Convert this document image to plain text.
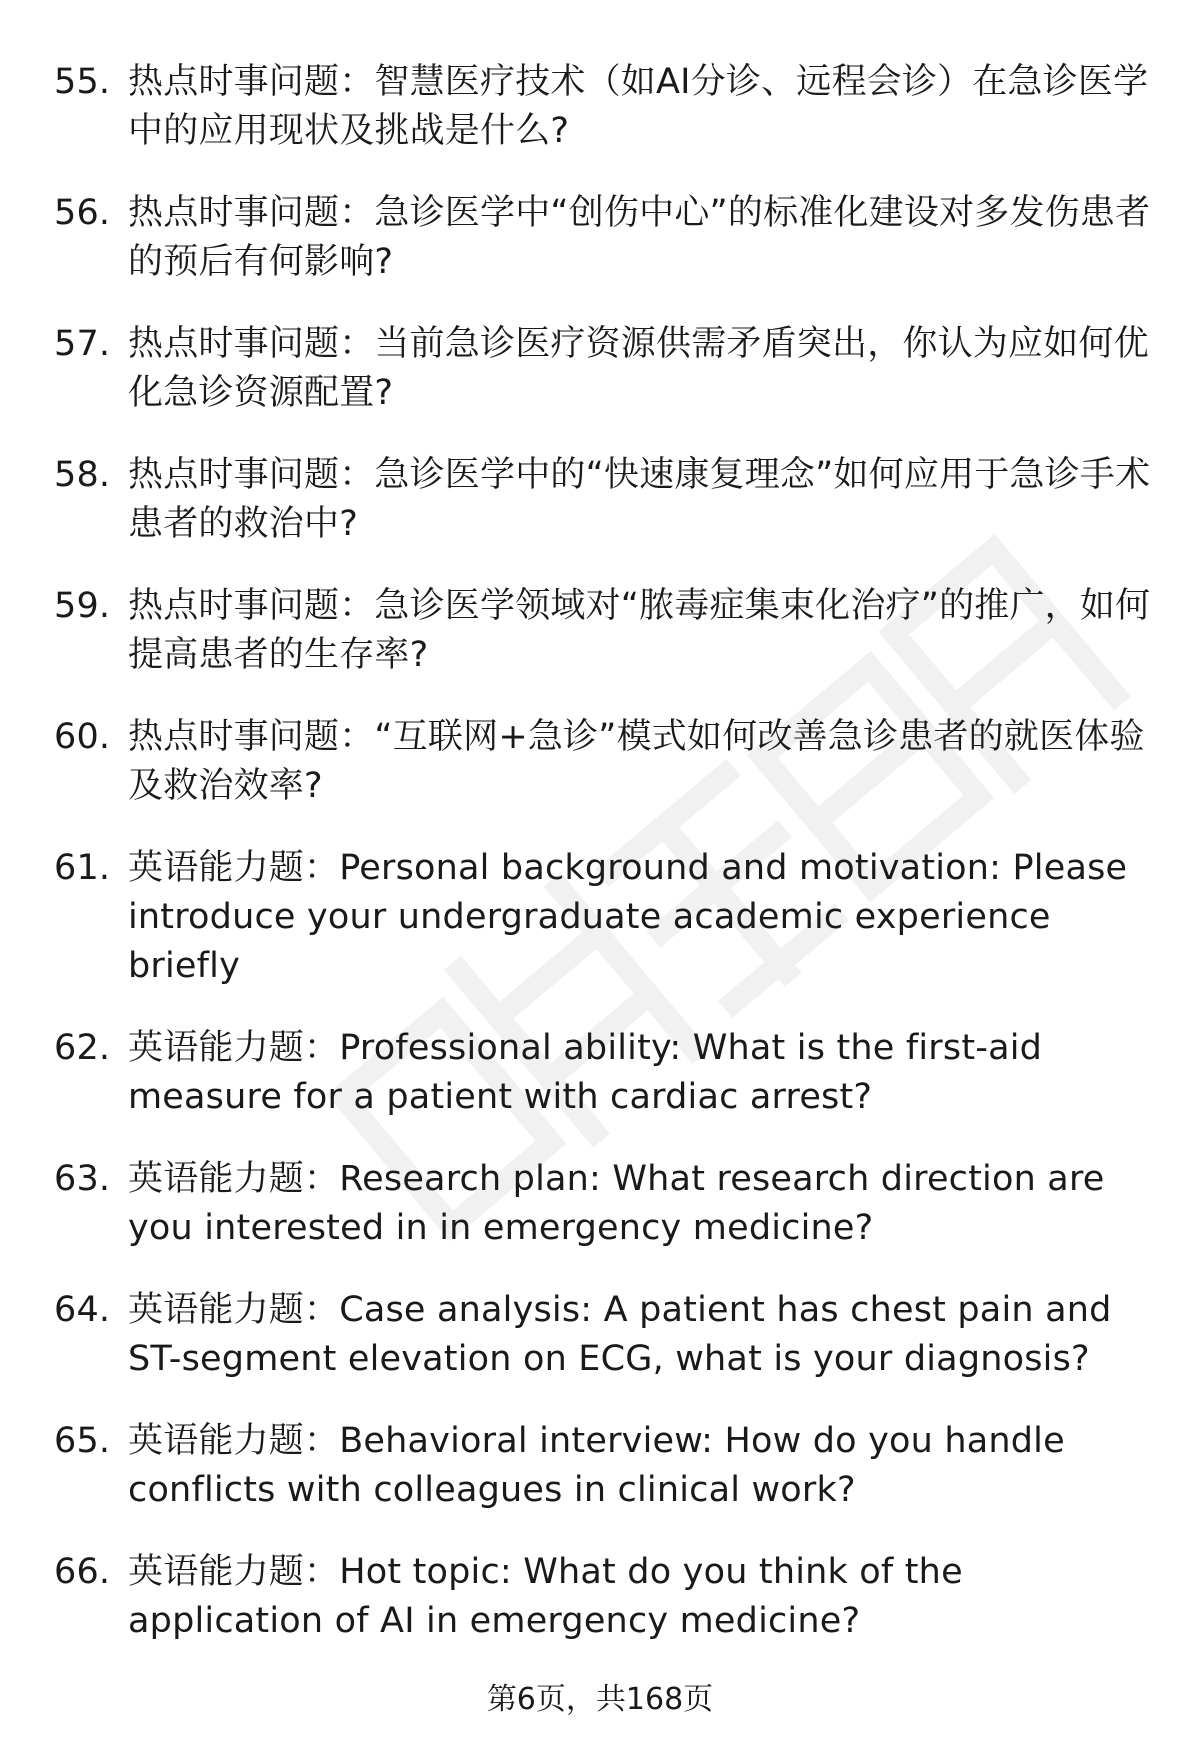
55. 热点时事问题：智慧医疗技术（如AI分诊、远程会诊）在急诊医学中的应用现状及挑战是什么?
56. 热点时事问题：急诊医学中“创伤中心”的标准化建设对多发伤患者的预后有何影响?
57. 热点时事问题：当前急诊医疗资源供需矛盾突出，你认为应如何优化急诊资源配置?
58. 热点时事问题：急诊医学中的“快速康复理念”如何应用于急诊手术患者的救治中?
59. 热点时事问题：急诊医学领域对“脓毒症集束化治疗”的推广，如何提高患者的生存率?
60. 热点时事问题：“互联网+急诊”模式如何改善急诊患者的就医体验及救治效率?
61. 英语能力题：Personal background and motivation: Please introduce your undergraduate academic experience briefly
62. 英语能力题：Professional ability: What is the first-aid measure for a patient with cardiac arrest?
63. 英语能力题：Research plan: What research direction are you interested in in emergency medicine?
64. 英语能力题：Case analysis: A patient has chest pain and ST-segment elevation on ECG, what is your diagnosis?
65. 英语能力题：Behavioral interview: How do you handle conflicts with colleagues in clinical work?
66. 英语能力题：Hot topic: What do you think of the application of AI in emergency medicine?
第6页，共168页
